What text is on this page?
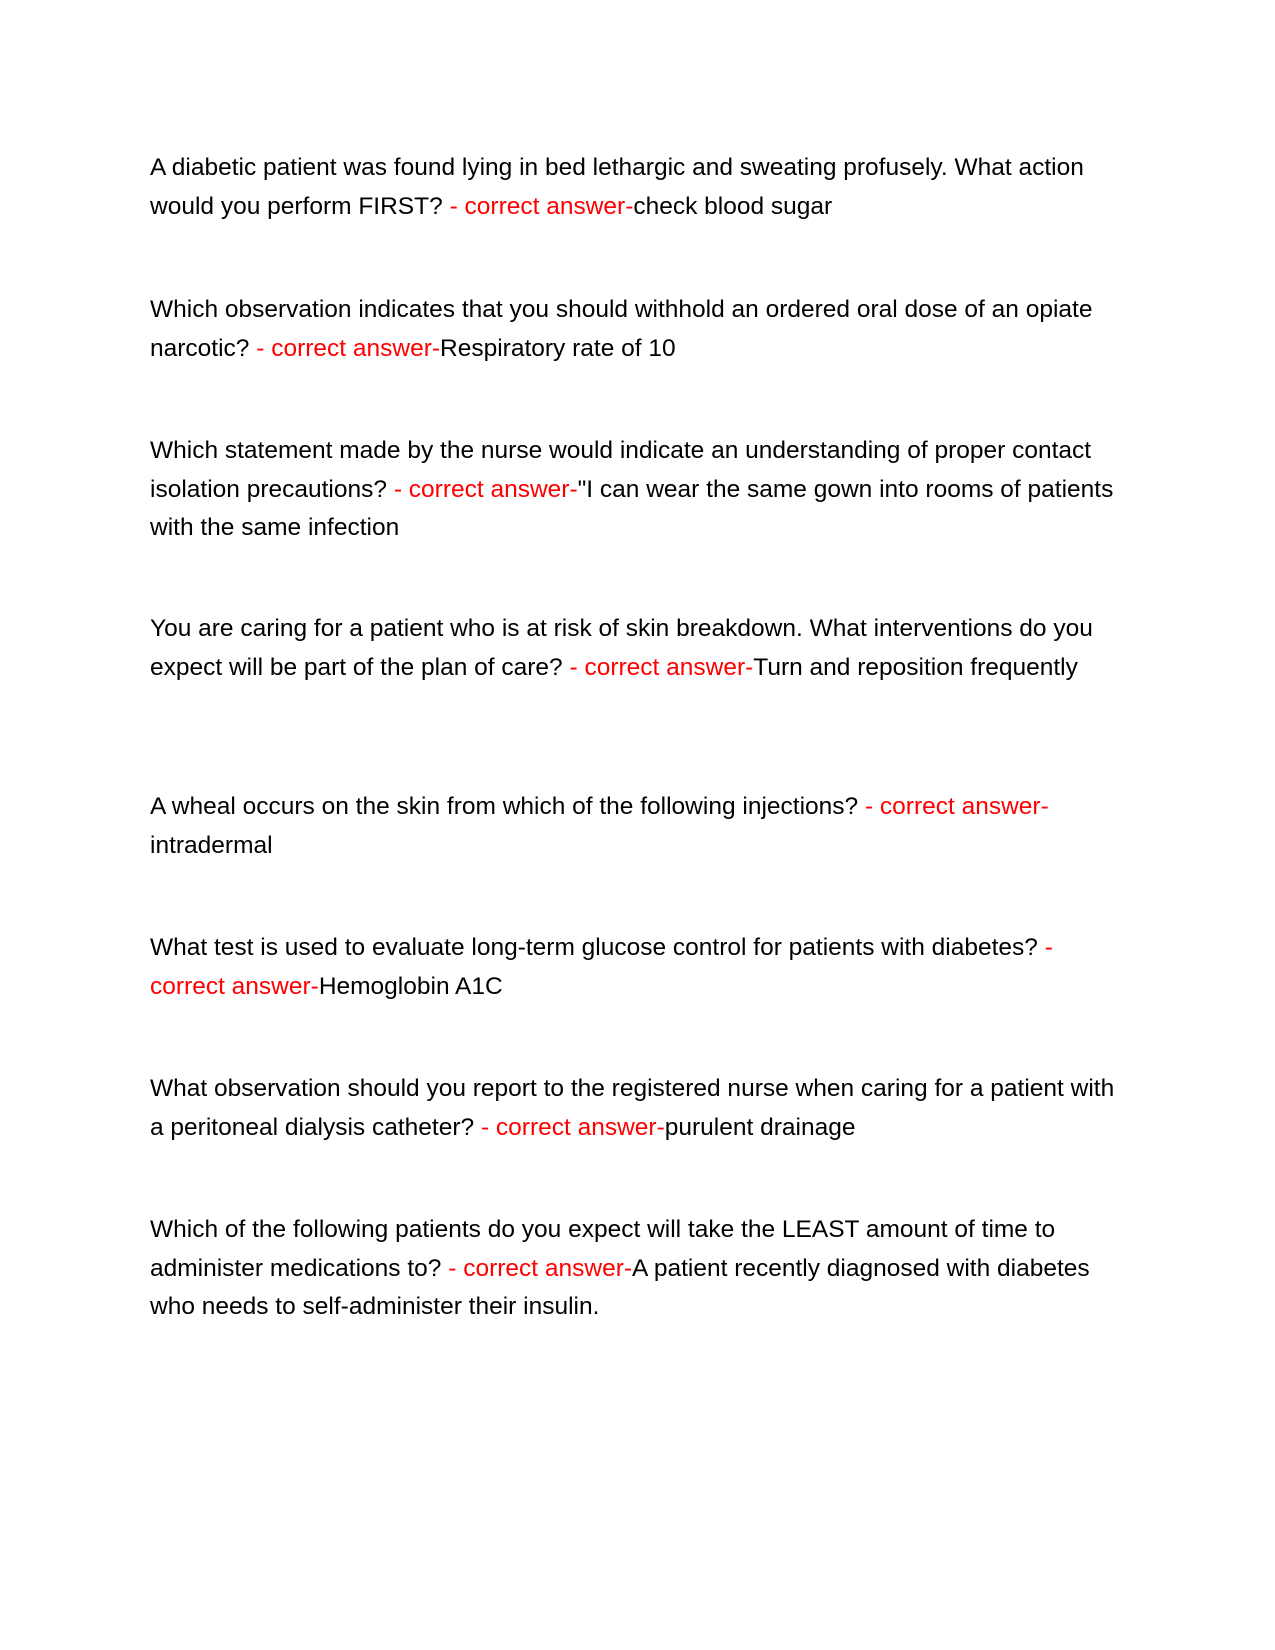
A diabetic patient was found lying in bed lethargic and sweating profusely. What action would you perform FIRST? - correct answer-check blood sugar

Which observation indicates that you should withhold an ordered oral dose of an opiate narcotic? - correct answer-Respiratory rate of 10

Which statement made by the nurse would indicate an understanding of proper contact isolation precautions? - correct answer-"I can wear the same gown into rooms of patients with the same infection

You are caring for a patient who is at risk of skin breakdown. What interventions do you expect will be part of the plan of care? - correct answer-Turn and reposition frequently

A wheal occurs on the skin from which of the following injections? - correct answer-intradermal

What test is used to evaluate long-term glucose control for patients with diabetes? - correct answer-Hemoglobin A1C

What observation should you report to the registered nurse when caring for a patient with a peritoneal dialysis catheter? - correct answer-purulent drainage

Which of the following patients do you expect will take the LEAST amount of time to administer medications to? - correct answer-A patient recently diagnosed with diabetes who needs to self-administer their insulin.
